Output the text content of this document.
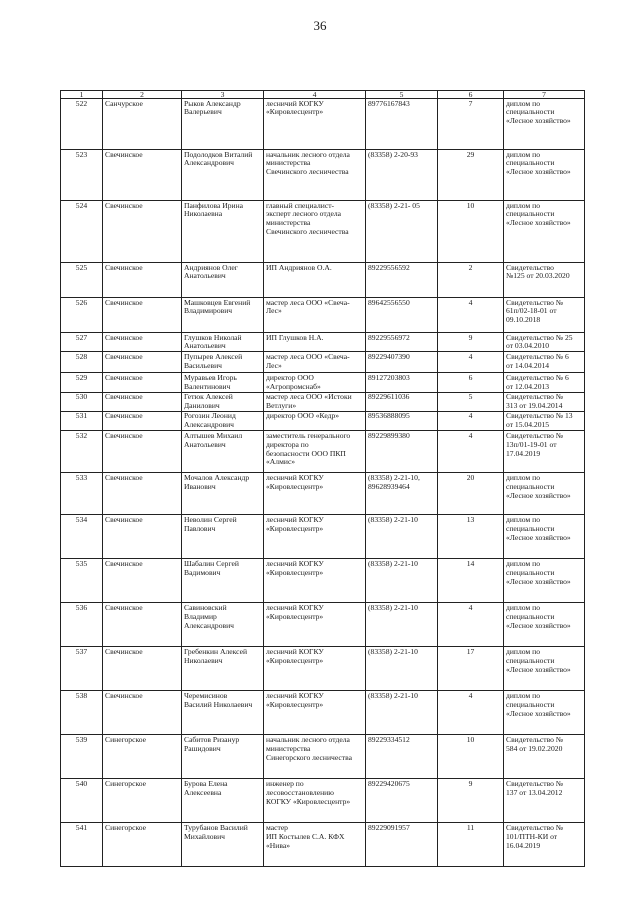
36
1	2	3	4	5	6	7

522	Санчурское	Рыков Александр
Валерьевич	лесничий КОГКУ
«Кировлесцентр»	89776167843	7	диплом по
специальности
«Лесное хозяйство»

523	Свечинское	Подолодков Виталий
Александрович	начальник лесного отдела
министерства
Свечинского лесничества	(83358) 2-20-93	29	диплом по
специальности
«Лесное хозяйство»

524	Свечинское	Панфилова Ирина
Николаевна	главный специалист-
эксперт лесного отдела
министерства
Свечинского лесничества	(83358) 2-21- 05	10	диплом по
специальности
«Лесное хозяйство»

525	Свечинское	Андриянов Олег
Анатольевич	ИП Андриянов О.А.	89229556592	2	Свидетельство
№125 от 20.03.2020

526	Свечинское	Машковцев Евгений
Владимирович	мастер леса ООО «Свеча-
Лес»	89642556550	4	Свидетельство №
61п/02-18-01 от
09.10.2018

527	Свечинское	Глушков Николай
Анатольевич	ИП Глушков Н.А.	89229556972	9	Свидетельство № 25
от 03.04.2010

528	Свечинское	Пупырев Алексей
Васильевич	мастер леса ООО «Свеча-
Лес»	89229407390	4	Свидетельство № 6
от 14.04.2014

529	Свечинское	Муравьев Игорь
Валентинович	директор ООО
«Агропромснаб»	89127203803	6	Свидетельство № 6
от 12.04.2013

530	Свечинское	Гетюк Алексей
Данилович	мастер леса ООО «Истоки
Ветлуги»	89229611036	5	Свидетельство №
313 от 19.04.2014

531	Свечинское	Рогозин Леонид
Александрович	директор ООО «Кедр»	89536888095	4	Свидетельство № 13
от 15.04.2015

532	Свечинское	Алтышев Михаил
Анатольевич	заместитель генерального
директора по
безопасности ООО ПКП
«Алмис»	89229899380	4	Свидетельство №
13п/01-19-01 от
17.04.2019

533	Свечинское	Мочалов Александр
Иванович	лесничий КОГКУ
«Кировлесцентр»	(83358) 2-21-10,
89628939464	20	диплом по
специальности
«Лесное хозяйство»

534	Свечинское	Неволин Сергей
Павлович	лесничий КОГКУ
«Кировлесцентр»	(83358) 2-21-10	13	диплом по
специальности
«Лесное хозяйство»

535	Свечинское	Шабалин Сергей
Вадимович	лесничий КОГКУ
«Кировлесцентр»	(83358) 2-21-10	14	диплом по
специальности
«Лесное хозяйство»

536	Свечинское	Савиновский
Владимир
Александрович	лесничий КОГКУ
«Кировлесцентр»	(83358) 2-21-10	4	диплом по
специальности
«Лесное хозяйство»

537	Свечинское	Гребенкин Алексей
Николаевич	лесничий КОГКУ
«Кировлесцентр»	(83358) 2-21-10	17	диплом по
специальности
«Лесное хозяйство»

538	Свечинское	Черемисинов
Василий Николаевич	лесничий КОГКУ
«Кировлесцентр»	(83358) 2-21-10	4	диплом по
специальности
«Лесное хозяйство»

539	Синегорское	Сабитов Ризанур
Рашидович	начальник лесного отдела
министерства
Синегорского лесничества	89229334512	10	Свидетельство №
584 от 19.02.2020

540	Синегорское	Бурова Елена
Алексеевна	инженер по
лесовосстановлению
КОГКУ «Кировлесцентр»	89229420675	9	Свидетельство №
137 от 13.04.2012

541	Синегорское	Турубанов Василий
Михайлович	мастер
ИП Костылев С.А. КФХ
«Нива»	89229091957	11	Свидетельство №
101/ПТН-КИ от
16.04.2019
